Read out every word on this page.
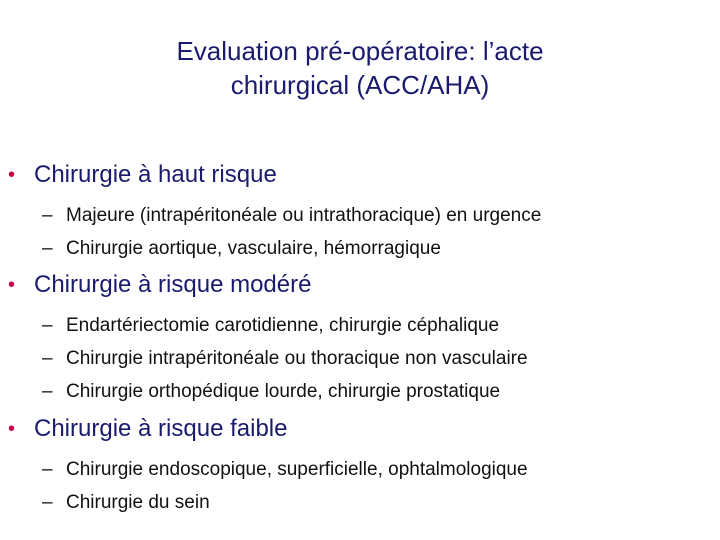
Evaluation pré-opératoire: l’acte
chirurgical (ACC/AHA)
• Chirurgie à haut risque
– Majeure (intrapéritonéale ou intrathoracique) en urgence
– Chirurgie aortique, vasculaire, hémorragique
• Chirurgie à risque modéré
– Endartériectomie carotidienne, chirurgie céphalique
– Chirurgie intrapéritonéale ou thoracique non vasculaire
– Chirurgie orthopédique lourde, chirurgie prostatique
• Chirurgie à risque faible
– Chirurgie endoscopique, superficielle, ophtalmologique
– Chirurgie du sein
